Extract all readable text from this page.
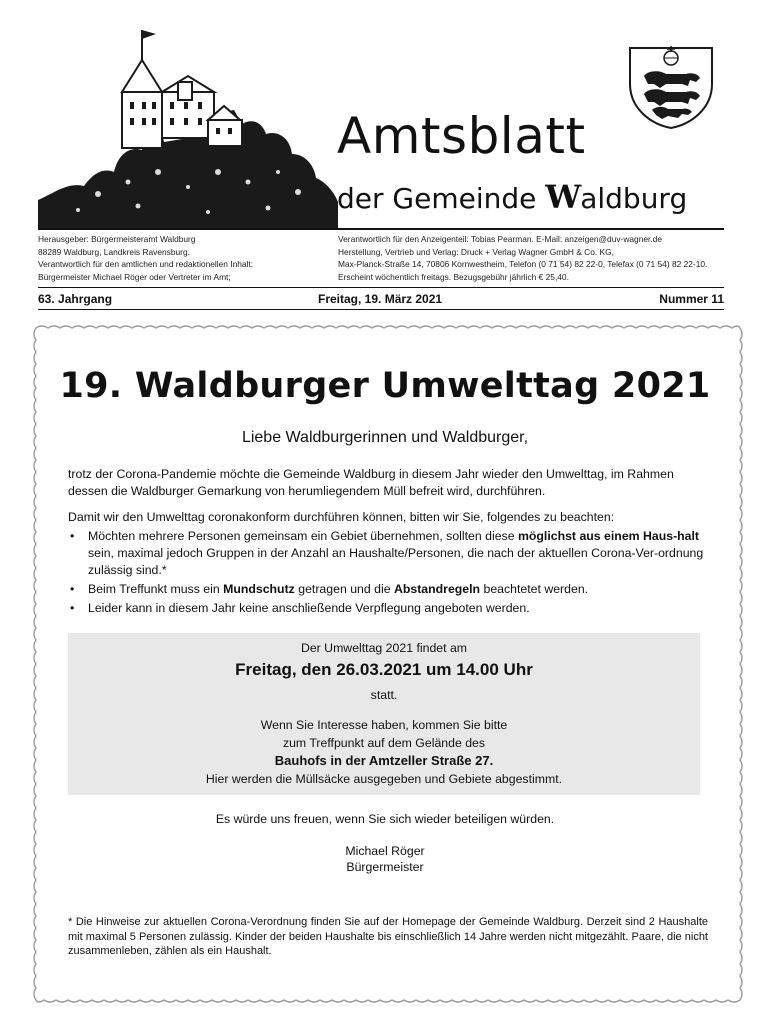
Amtsblatt
der Gemeinde Waldburg
Herausgeber: Bürgermeisteramt Waldburg
88289 Waldburg, Landkreis Ravensburg.
Verantwortlich für den amtlichen und redaktionellen Inhalt:
Bürgermeister Michael Röger oder Vertreter im Amt;
Verantwortlich für den Anzeigenteil: Tobias Pearman. E-Mail: anzeigen@duv-wagner.de
Herstellung, Vertrieb und Verlag: Druck + Verlag Wagner GmbH & Co. KG,
Max-Planck-Straße 14, 70806 Kornwestheim, Telefon (0 71 54) 82 22-0, Telefax (0 71 54) 82 22-10.
Erscheint wöchentlich freitags. Bezugsgebühr jährlich € 25,40.
63. Jahrgang	Freitag, 19. März 2021	Nummer 11
19. Waldburger Umwelttag 2021
Liebe Waldburgerinnen und Waldburger,
trotz der Corona-Pandemie möchte die Gemeinde Waldburg in diesem Jahr wieder den Umwelttag, im Rahmen dessen die Waldburger Gemarkung von herumliegendem Müll befreit wird, durchführen.
Damit wir den Umwelttag coronakonform durchführen können, bitten wir Sie, folgendes zu beachten:
• Möchten mehrere Personen gemeinsam ein Gebiet übernehmen, sollten diese möglichst aus einem Haus-halt sein, maximal jedoch Gruppen in der Anzahl an Haushalte/Personen, die nach der aktuellen Corona-Ver-ordnung zulässig sind.*
• Beim Treffunkt muss ein Mundschutz getragen und die Abstandregeln beachtetet werden.
• Leider kann in diesem Jahr keine anschließende Verpflegung angeboten werden.
Der Umwelttag 2021 findet am
Freitag, den 26.03.2021 um 14.00 Uhr
statt.
Wenn Sie Interesse haben, kommen Sie bitte
zum Treffpunkt auf dem Gelände des
Bauhofs in der Amtzeller Straße 27.
Hier werden die Müllsäcke ausgegeben und Gebiete abgestimmt.
Es würde uns freuen, wenn Sie sich wieder beteiligen würden.
Michael Röger
Bürgermeister
* Die Hinweise zur aktuellen Corona-Verordnung finden Sie auf der Homepage der Gemeinde Waldburg. Derzeit sind 2 Haushalte mit maximal 5 Personen zulässig. Kinder der beiden Haushalte bis einschließlich 14 Jahre werden nicht mitgezählt. Paare, die nicht zusammenleben, zählen als ein Haushalt.
